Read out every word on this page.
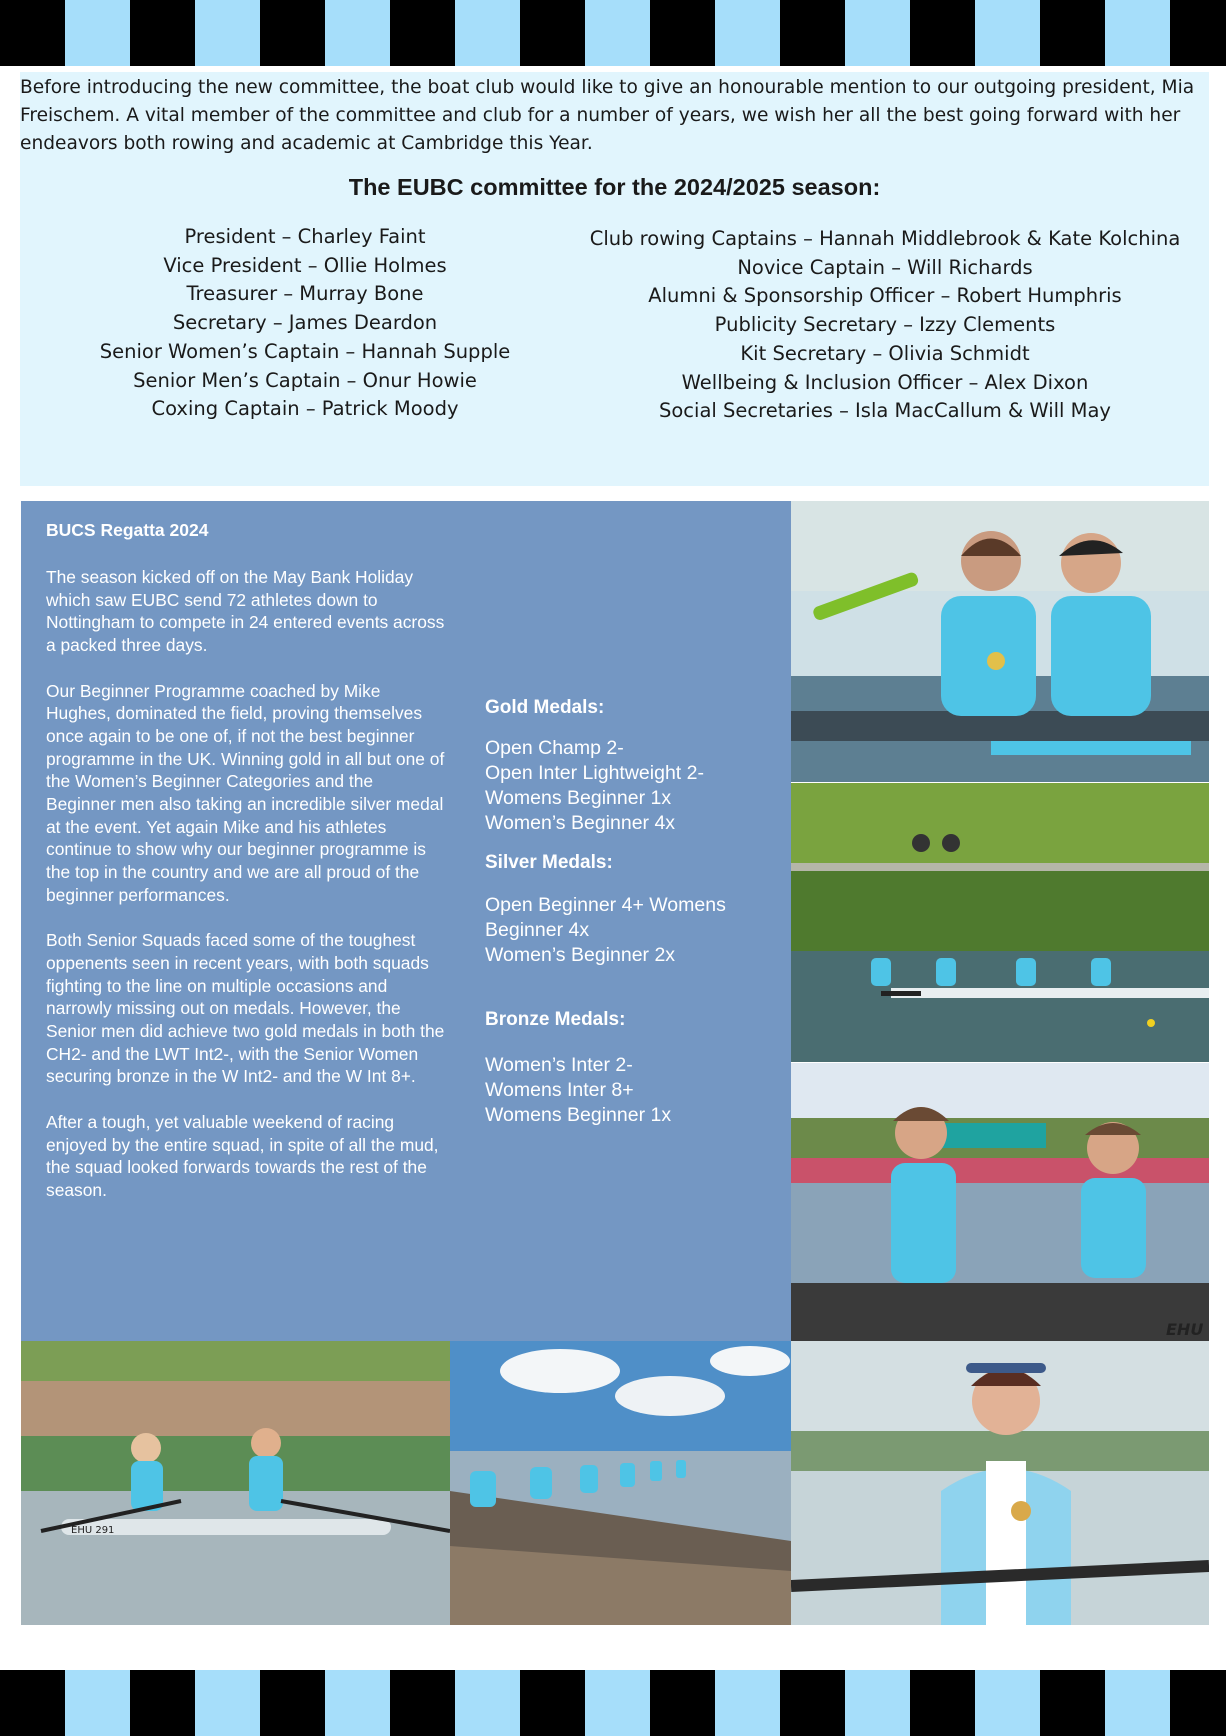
Before introducing the new committee, the boat club would like to give an honourable mention to our outgoing president, Mia Freischem. A vital member of the committee and club for a number of years, we wish her all the best going forward with her endeavors both rowing and academic at Cambridge this Year.

The EUBC committee for the 2024/2025 season:
President – Charley Faint
Vice President – Ollie Holmes
Treasurer – Murray Bone
Secretary – James Deardon
Senior Women’s Captain – Hannah Supple
Senior Men’s Captain – Onur Howie
Coxing Captain – Patrick Moody
Club rowing Captains – Hannah Middlebrook & Kate Kolchina
Novice Captain – Will Richards
Alumni & Sponsorship Officer – Robert Humphris
Publicity Secretary – Izzy Clements
Kit Secretary – Olivia Schmidt
Wellbeing & Inclusion Officer – Alex Dixon
Social Secretaries – Isla MacCallum & Will May
BUCS Regatta 2024

The season kicked off on the May Bank Holiday which saw EUBC send 72 athletes down to Nottingham to compete in 24 entered events across a packed three days.

Our Beginner Programme coached by Mike Hughes, dominated the field, proving themselves once again to be one of, if not the best beginner programme in the UK. Winning gold in all but one of the Women’s Beginner Categories and the Beginner men also taking an incredible silver medal at the event. Yet again Mike and his athletes continue to show why our beginner programme is the top in the country and we are all proud of the beginner performances.

Both Senior Squads faced some of the toughest oppenents seen in recent years, with both squads fighting to the line on multiple occasions and narrowly missing out on medals. However, the Senior men did achieve two gold medals in both the CH2- and the LWT Int2-, with the Senior Women securing bronze in the W Int2- and the W Int 8+.

After a tough, yet valuable weekend of racing enjoyed by the entire squad, in spite of all the mud, the squad looked forwards towards the rest of the season.

Gold Medals:

Open Champ 2-
Open Inter Lightweight 2-
Womens Beginner 1x
Women’s Beginner 4x

Silver Medals:

Open Beginner 4+ Womens
Beginner 4x
Women’s Beginner 2x

Bronze Medals:

Women’s Inter 2-
Womens Inter 8+
Womens Beginner 1x
EHU
EHU 291
